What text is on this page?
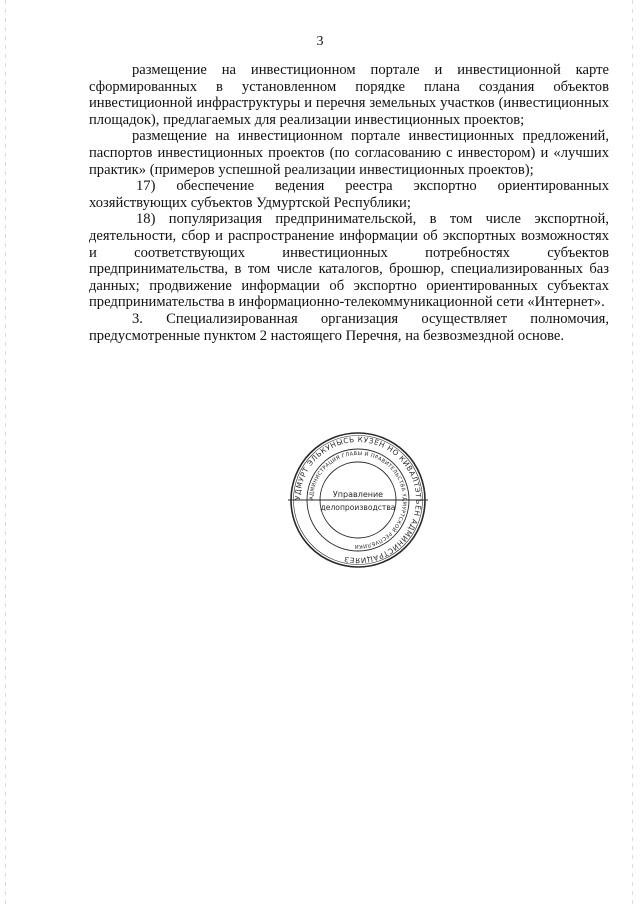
3

размещение на инвестиционном портале и инвестиционной карте сформированных в установленном порядке плана создания объектов инвестиционной инфраструктуры и перечня земельных участков (инвестиционных площадок), предлагаемых для реализации инвестиционных проектов;

размещение на инвестиционном портале инвестиционных предложений, паспортов инвестиционных проектов (по согласованию с инвестором) и «лучших практик» (примеров успешной реализации инвестиционных проектов);

17) обеспечение ведения реестра экспортно ориентированных хозяйствующих субъектов Удмуртской Республики;

18) популяризация предпринимательской, в том числе экспортной, деятельности, сбор и распространение информации об экспортных возможностях и соответствующих инвестиционных потребностях субъектов предпринимательства, в том числе каталогов, брошюр, специализированных баз данных; продвижение информации об экспортно ориентированных субъектах предпринимательства в информационно-телекоммуникационной сети «Интернет».

3. Специализированная организация осуществляет полномочия, предусмотренные пунктом 2 настоящего Перечня, на безвозмездной основе.

УДМУРТ ЭЛЬКУНЫСЬ КУЗЁН НО КИВАЛТЭТЪЁН АДМИНИСТРАЦИЯЕЗ
АДМИНИСТРАЦИЯ ГЛАВЫ И ПРАВИТЕЛЬСТВА УДМУРТСКОЙ РЕСПУБЛИКИ
Управление
делопроизводства
